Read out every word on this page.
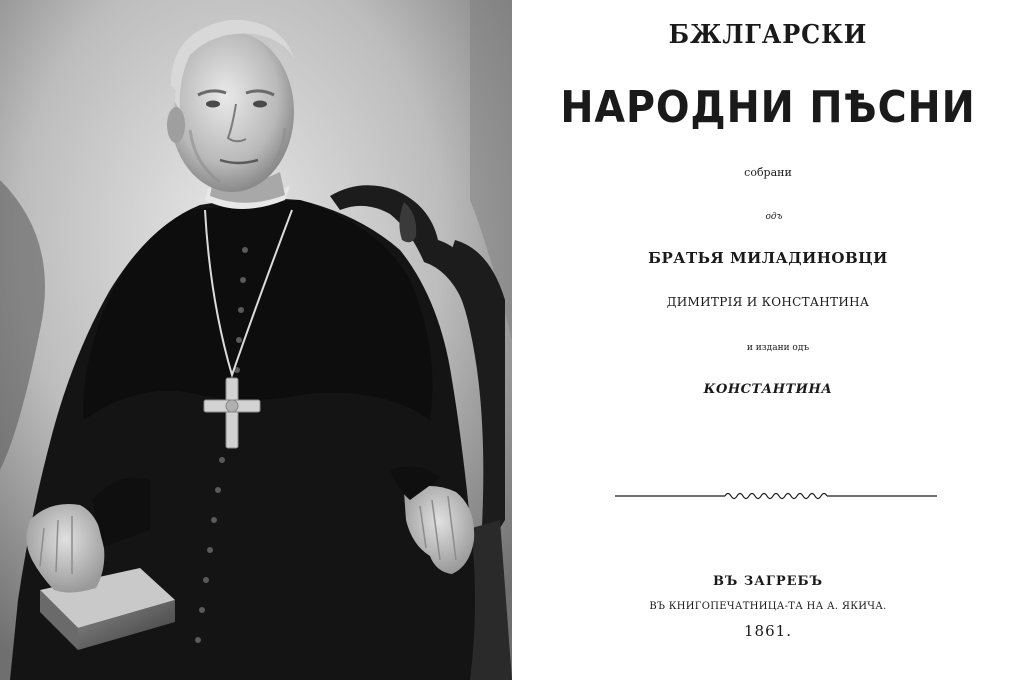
БЖЛГАРСКИ
НАРОДНИ ПѢСНИ
собрани
одъ
БРАТЬЯ МИЛАДИНОВЦИ
ДИМИТРІЯ И КОНСТАНТИНА
и издани одъ
КОНСТАНТИНА
ВЪ ЗАГРЕБЪ
ВЪ КНИГОПЕЧАТНИЦА-ТА НА А. ЯКИЧА.
1861.
